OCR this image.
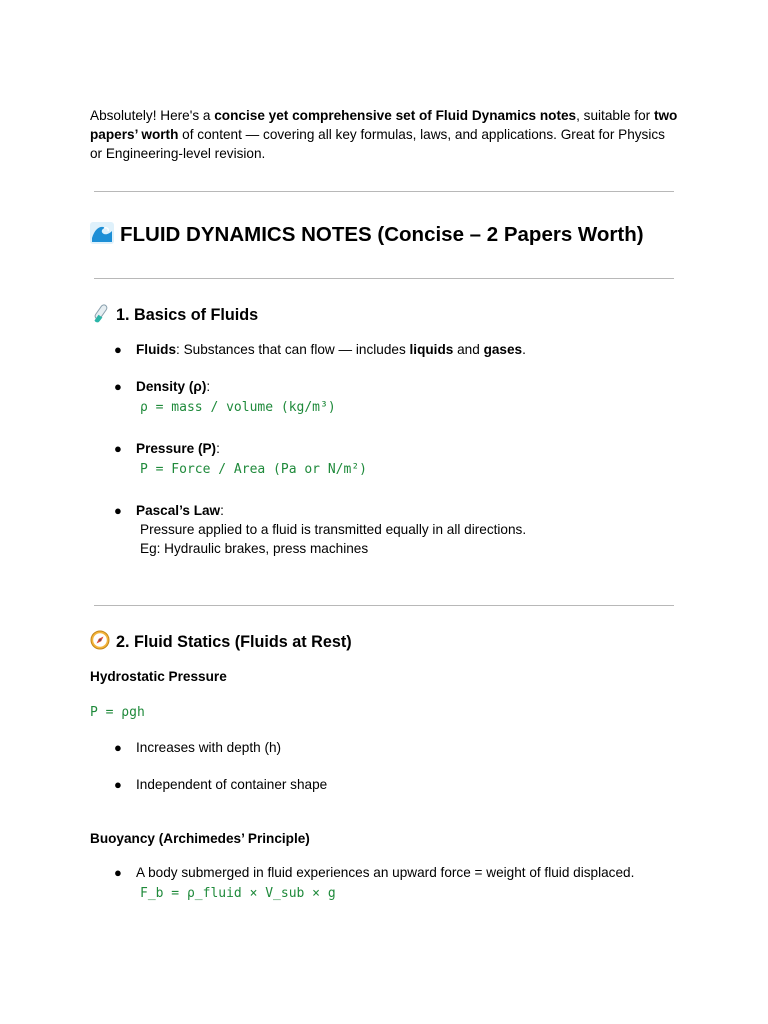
Absolutely! Here's a concise yet comprehensive set of Fluid Dynamics notes, suitable for two papers’ worth of content — covering all key formulas, laws, and applications. Great for Physics or Engineering-level revision.

FLUID DYNAMICS NOTES (Concise – 2 Papers Worth)
1. Basics of Fluids
● Fluids: Substances that can flow — includes liquids and gases.
● Density (ρ):
ρ = mass / volume (kg/m³)
● Pressure (P):
P = Force / Area (Pa or N/m²)
● Pascal’s Law:
Pressure applied to a fluid is transmitted equally in all directions.
Eg: Hydraulic brakes, press machines
2. Fluid Statics (Fluids at Rest)
Hydrostatic Pressure
P = ρgh
● Increases with depth (h)
● Independent of container shape
Buoyancy (Archimedes’ Principle)
● A body submerged in fluid experiences an upward force = weight of fluid displaced.
F_b = ρ_fluid × V_sub × g
